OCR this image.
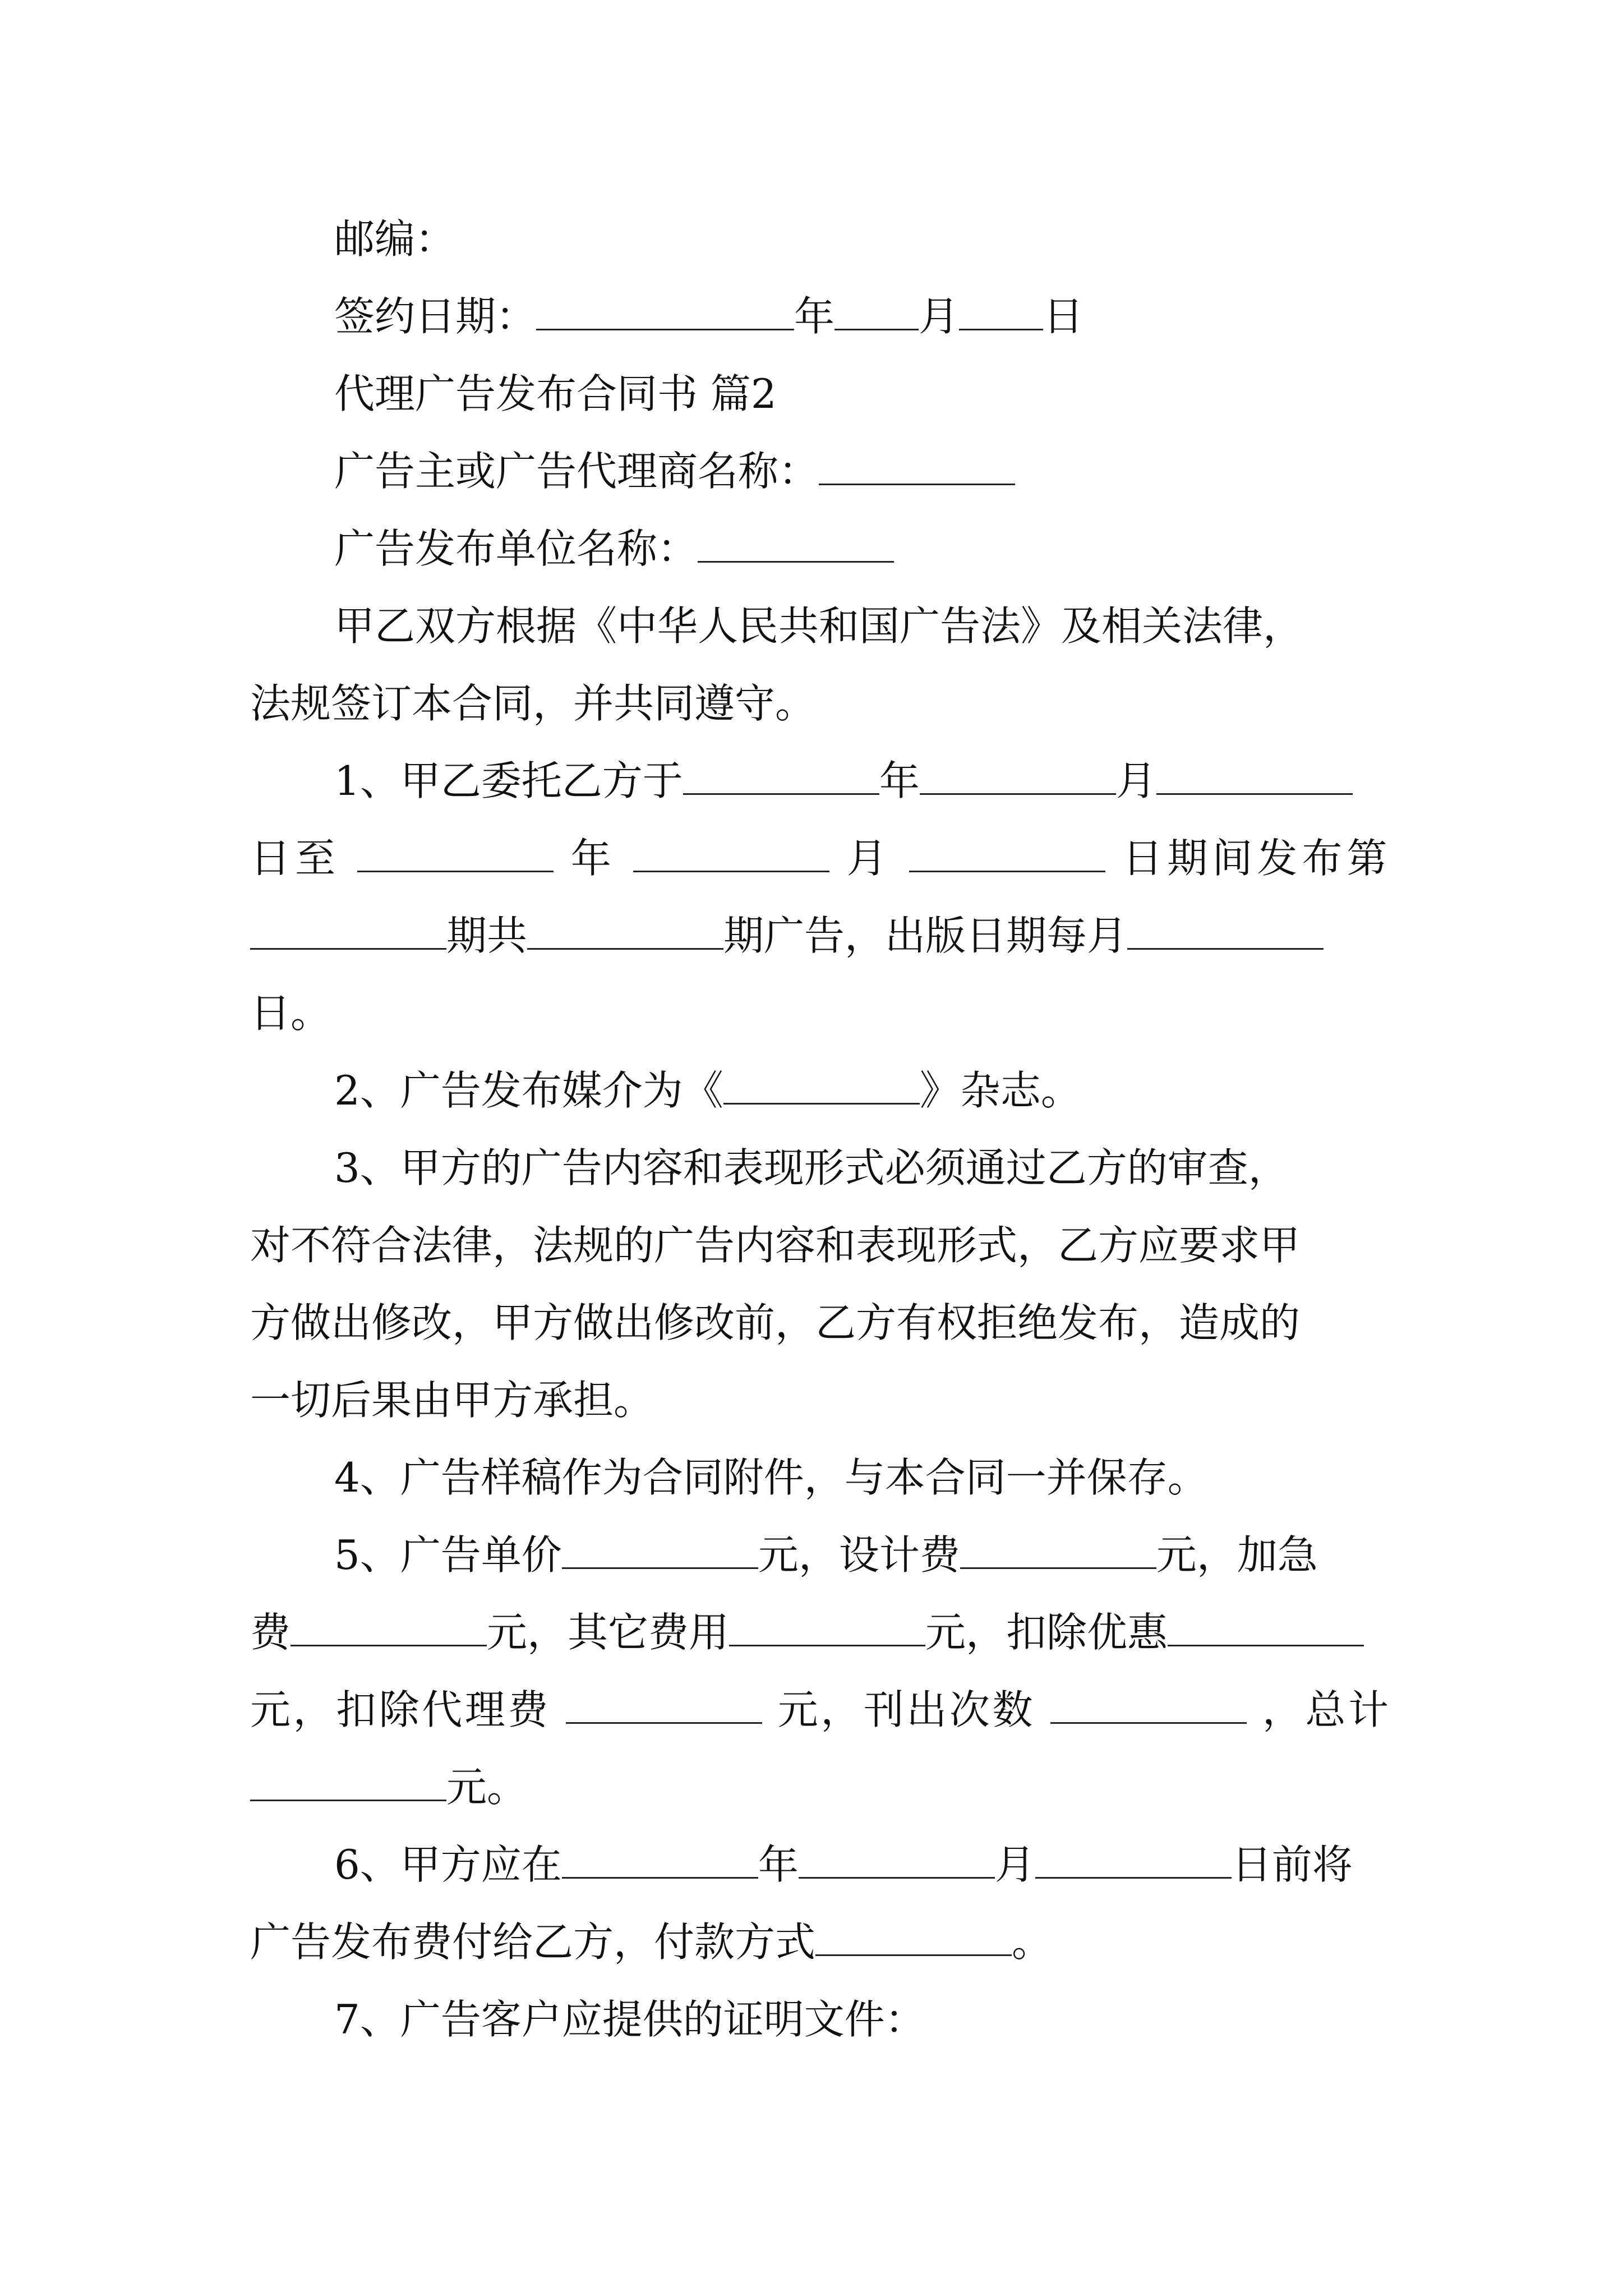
邮编：
签约日期：	年 月 日
代理广告发布合同书 篇2
广告主或广告代理商名称：
广告发布单位名称：
甲乙双方根据《中华人民共和国广告法》及相关法律，
法规签订本合同，并共同遵守。
1、甲乙委托乙方于	年	月
日至	年	月	日期间发布第
期共	期广告，出版日期每月
日。
2、广告发布媒介为《	》杂志。
3、甲方的广告内容和表现形式必须通过乙方的审查，
对不符合法律，法规的广告内容和表现形式，乙方应要求甲
方做出修改，甲方做出修改前，乙方有权拒绝发布，造成的
一切后果由甲方承担。
4、广告样稿作为合同附件，与本合同一并保存。
5、广告单价	元，设计费	元，加急
费	元，其它费用	元，扣除优惠
元，扣除代理费	元，刊出次数	，总计
元。
6、甲方应在	年	月	日前将
广告发布费付给乙方，付款方式	。
7、广告客户应提供的证明文件：
